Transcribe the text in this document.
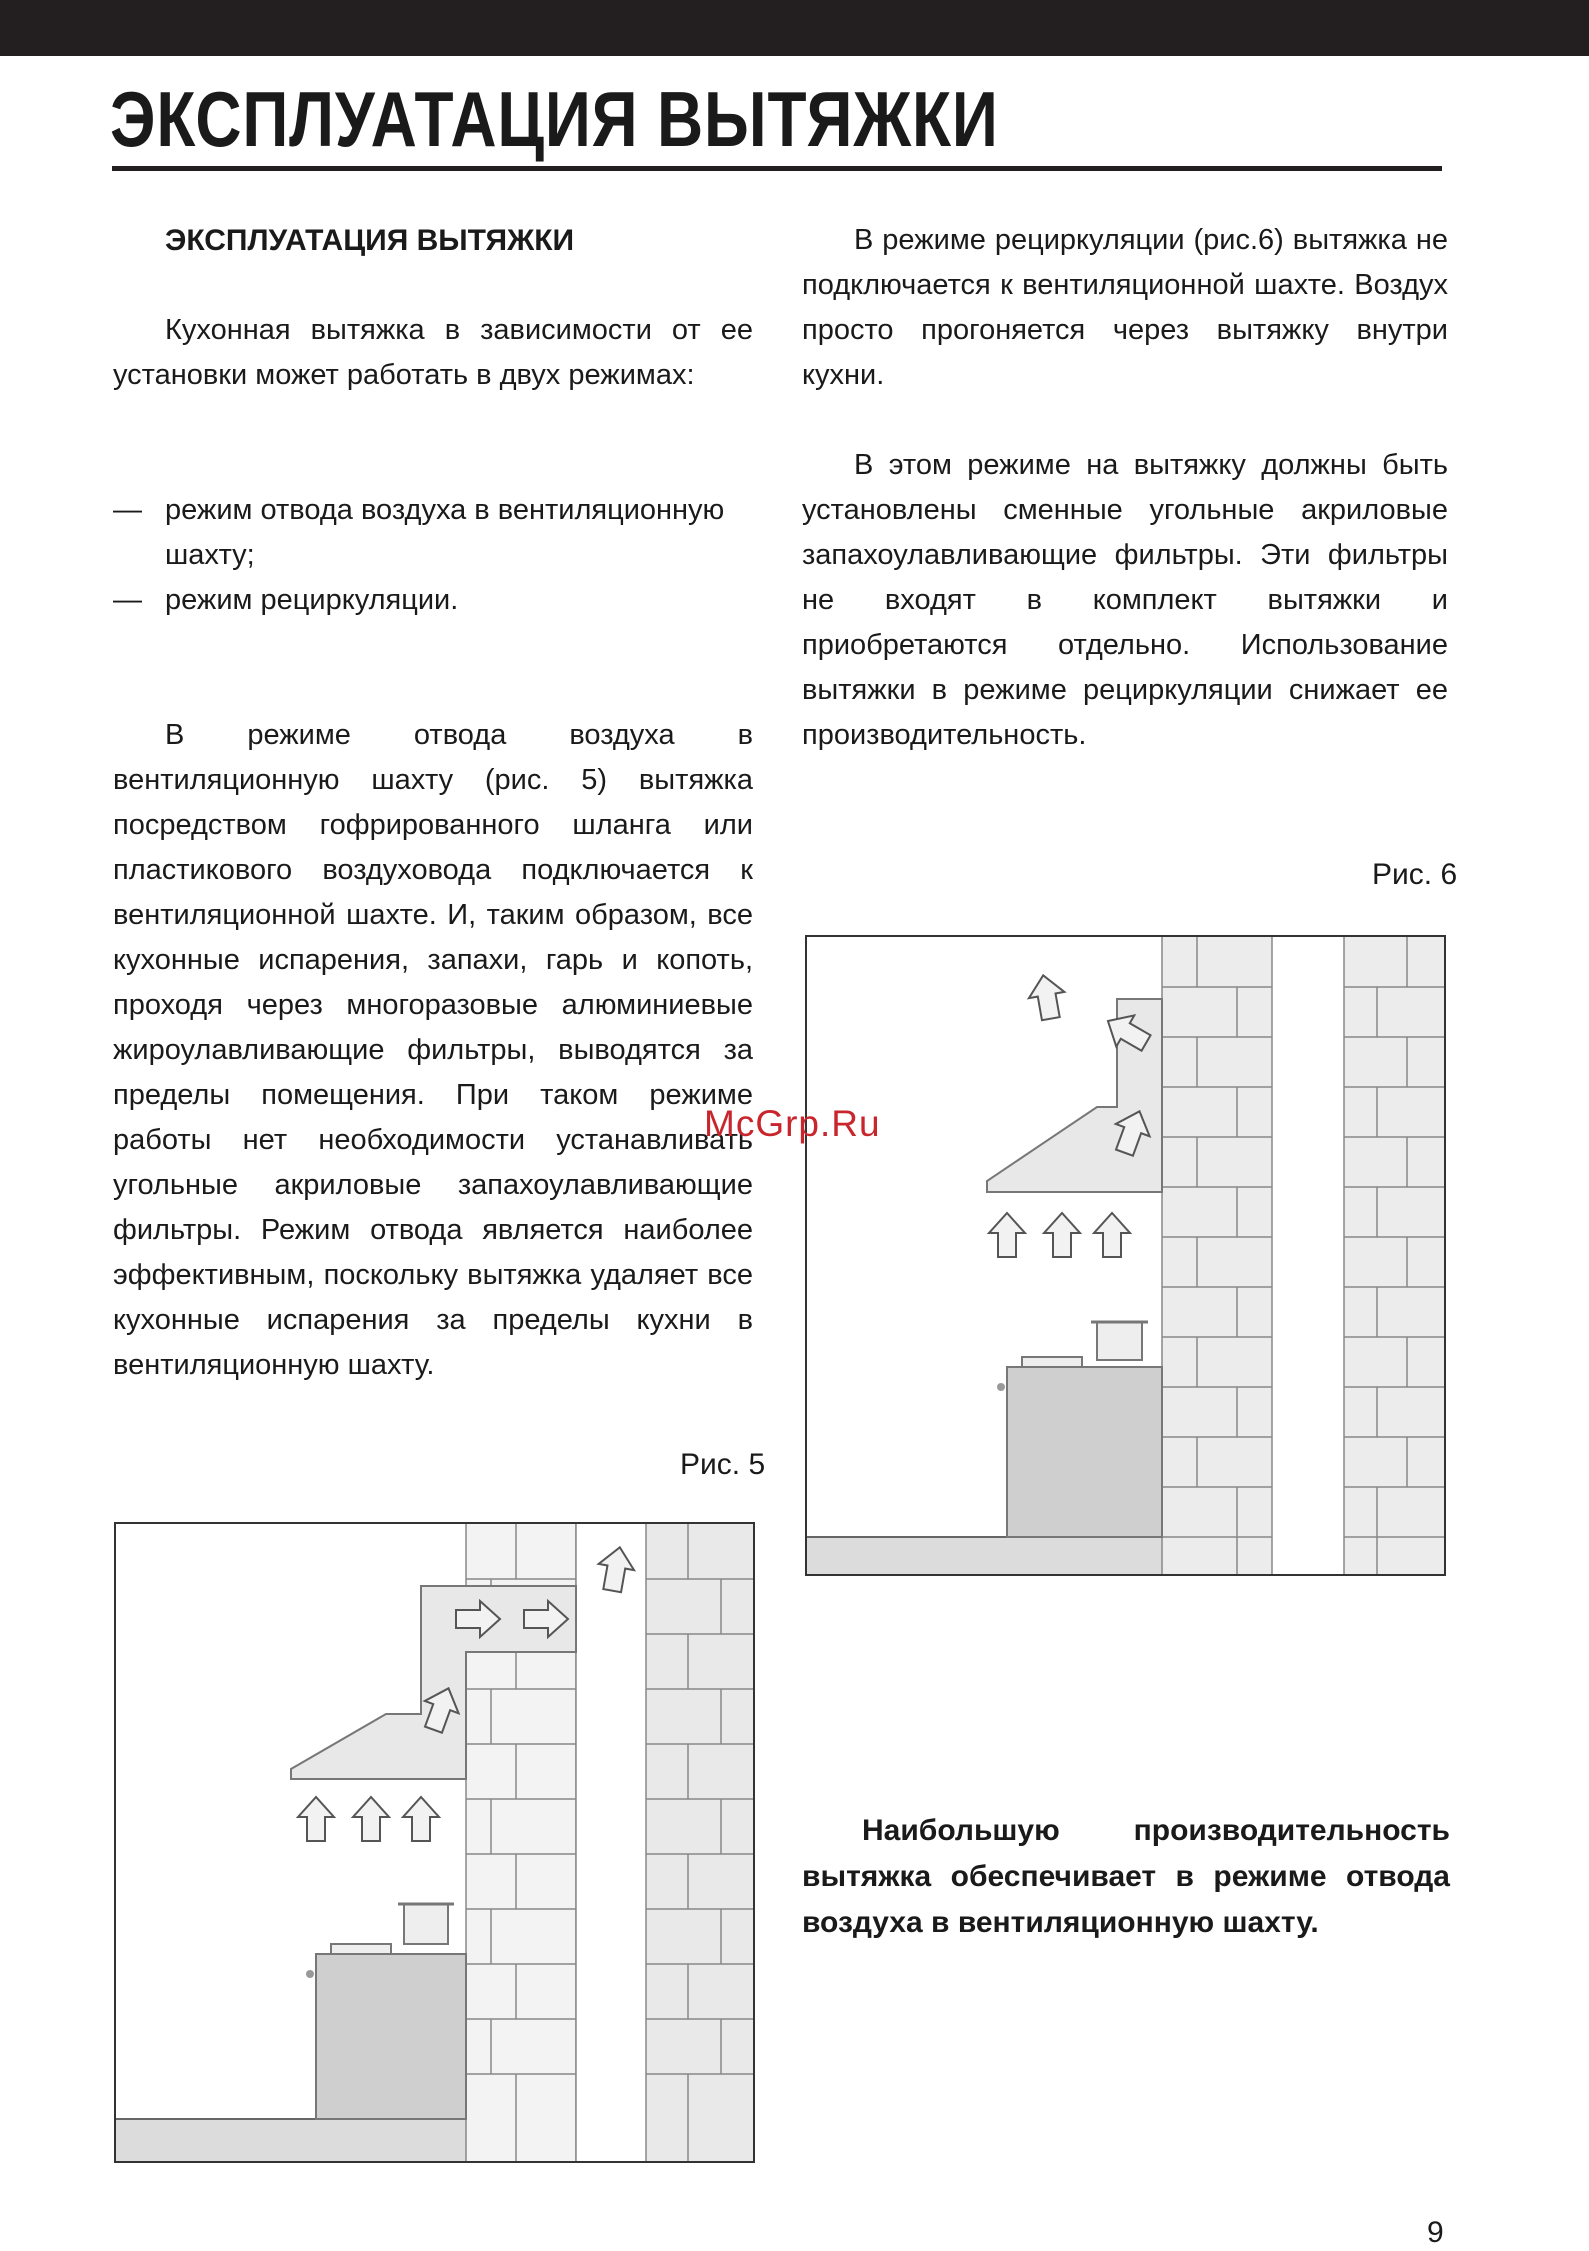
ЭКСПЛУАТАЦИЯ ВЫТЯЖКИ

ЭКСПЛУАТАЦИЯ ВЫТЯЖКИ

Кухонная вытяжка в зависимости от ее установки может работать в двух режимах:

— режим отвода воздуха в вентиляционную шахту;
— режим рециркуляции.

В режиме отвода воздуха в вентиляционную шахту (рис. 5) вытяжка посредством гофрированного шланга или пластикового воздуховода подключается к вентиляционной шахте. И, таким образом, все кухонные испарения, запахи, гарь и копоть, проходя через многоразовые алюминиевые жироулавливающие фильтры, выводятся за пределы помещения. При таком режиме работы нет необходимости устанавливать угольные акриловые запахоулавливающие фильтры. Режим отвода является наиболее эффективным, поскольку вытяжка удаляет все кухонные испарения за пределы кухни в вентиляционную шахту.

В режиме рециркуляции (рис.6) вытяжка не подключается к вентиляционной шахте. Воздух просто прогоняется через вытяжку внутри кухни.

В этом режиме на вытяжку должны быть установлены сменные угольные акриловые запахоулавливающие фильтры. Эти фильтры не входят в комплект вытяжки и приобретаются отдельно. Использование вытяжки в режиме рециркуляции снижает ее производительность.

Рис. 5
Рис. 6

Наибольшую производительность вытяжка обеспечивает в режиме отвода воздуха в вентиляционную шахту.

McGrp.Ru
9
